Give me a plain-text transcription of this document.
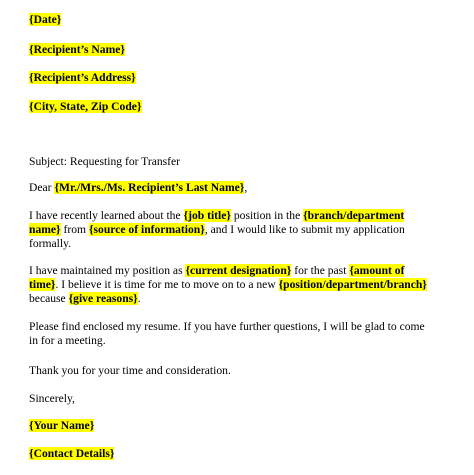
{Date}
{Recipient’s Name}
{Recipient’s Address}
{City, State, Zip Code}
Subject: Requesting for Transfer
Dear {Mr./Mrs./Ms. Recipient’s Last Name},
I have recently learned about the {job title} position in the {branch/department
name} from {source of information}, and I would like to submit my application
formally.
I have maintained my position as {current designation} for the past {amount of
time}. I believe it is time for me to move on to a new {position/department/branch}
because {give reasons}.
Please find enclosed my resume. If you have further questions, I will be glad to come
in for a meeting.
Thank you for your time and consideration.
Sincerely,
{Your Name}
{Contact Details}
